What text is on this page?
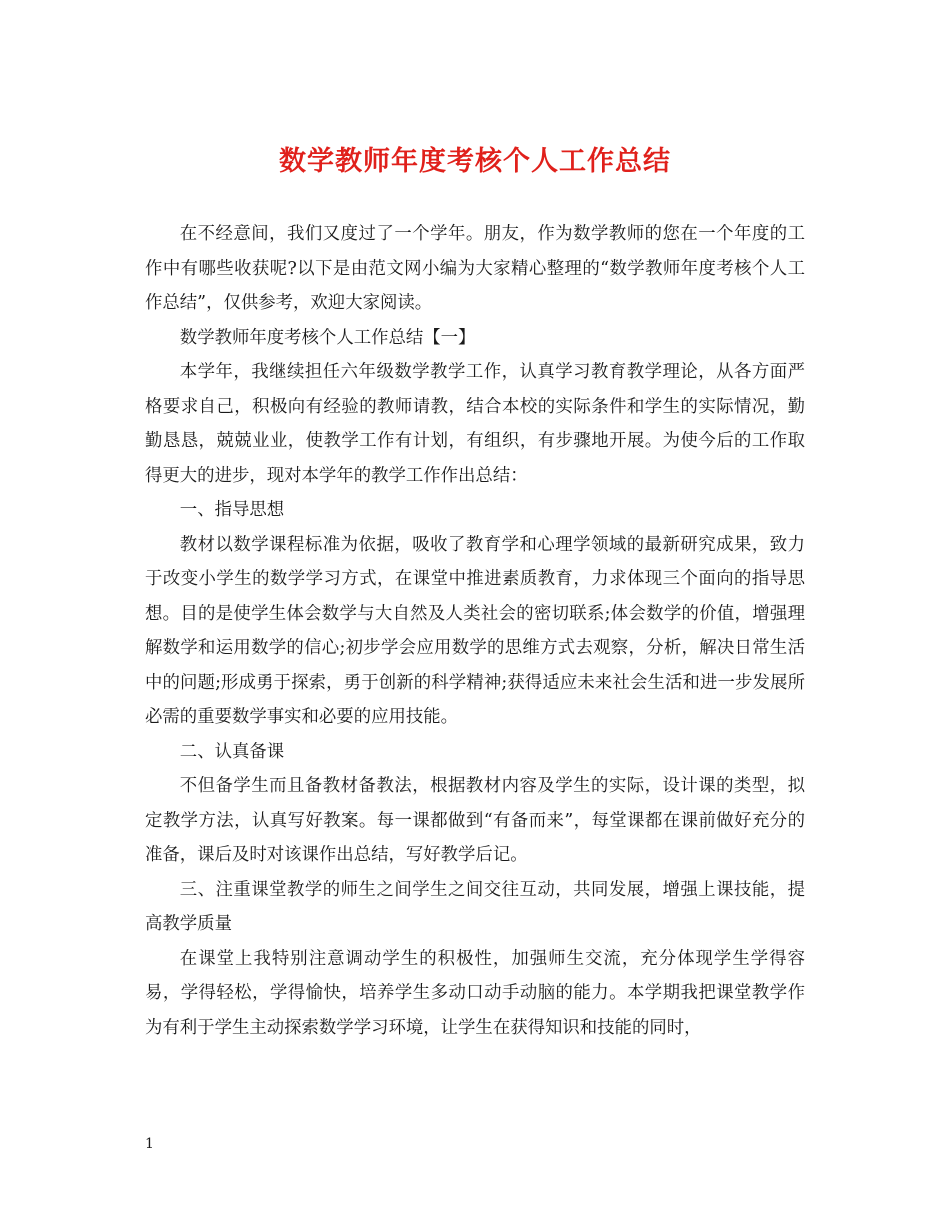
数学教师年度考核个人工作总结

在不经意间，我们又度过了一个学年。朋友，作为数学教师的您在一个年度的工作中有哪些收获呢?以下是由范文网小编为大家精心整理的“数学教师年度考核个人工作总结”，仅供参考，欢迎大家阅读。

数学教师年度考核个人工作总结【一】

本学年，我继续担任六年级数学教学工作，认真学习教育教学理论，从各方面严格要求自己，积极向有经验的教师请教，结合本校的实际条件和学生的实际情况，勤勤恳恳，兢兢业业，使教学工作有计划，有组织，有步骤地开展。为使今后的工作取得更大的进步，现对本学年的教学工作作出总结：

一、指导思想

教材以数学课程标准为依据，吸收了教育学和心理学领域的最新研究成果，致力于改变小学生的数学学习方式，在课堂中推进素质教育，力求体现三个面向的指导思想。目的是使学生体会数学与大自然及人类社会的密切联系;体会数学的价值，增强理解数学和运用数学的信心;初步学会应用数学的思维方式去观察，分析，解决日常生活中的问题;形成勇于探索，勇于创新的科学精神;获得适应未来社会生活和进一步发展所必需的重要数学事实和必要的应用技能。

二、认真备课

不但备学生而且备教材备教法，根据教材内容及学生的实际，设计课的类型，拟定教学方法，认真写好教案。每一课都做到“有备而来”，每堂课都在课前做好充分的准备，课后及时对该课作出总结，写好教学后记。

三、注重课堂教学的师生之间学生之间交往互动，共同发展，增强上课技能，提高教学质量

在课堂上我特别注意调动学生的积极性，加强师生交流，充分体现学生学得容易，学得轻松，学得愉快，培养学生多动口动手动脑的能力。本学期我把课堂教学作为有利于学生主动探索数学学习环境，让学生在获得知识和技能的同时，

1
